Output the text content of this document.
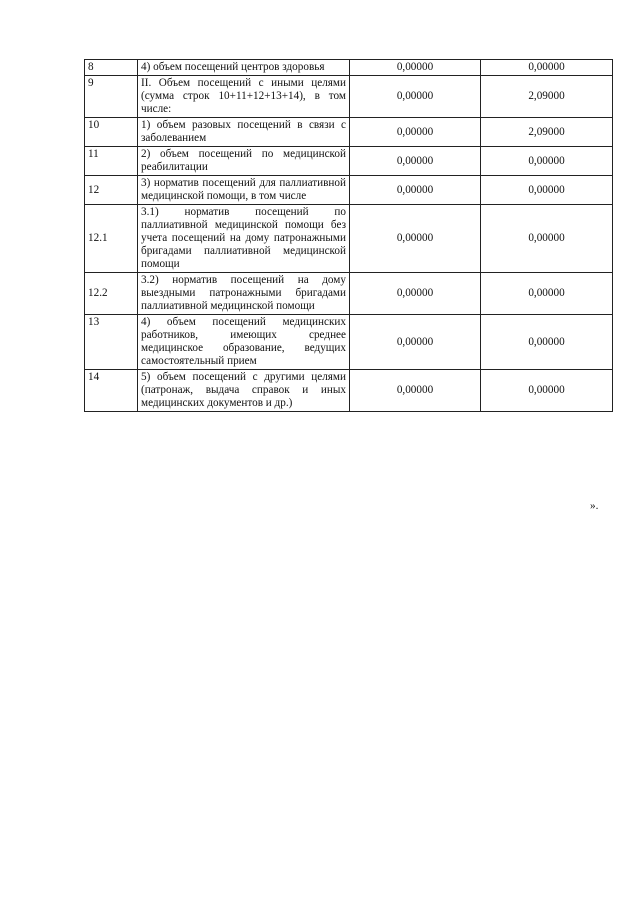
8	4) объем посещений центров здоровья	0,00000	0,00000
9	II. Объем посещений с иными целями (сумма строк 10+11+12+13+14), в том числе:	0,00000	2,09000
10	1) объем разовых посещений в связи с заболеванием	0,00000	2,09000
11	2) объем посещений по медицинской реабилитации	0,00000	0,00000
12	3) норматив посещений для паллиативной медицинской помощи, в том числе	0,00000	0,00000
12.1	3.1) норматив посещений по паллиативной медицинской помощи без учета посещений на дому патронажными бригадами паллиативной медицинской помощи	0,00000	0,00000
12.2	3.2) норматив посещений на дому выездными патронажными бригадами паллиативной медицинской помощи	0,00000	0,00000
13	4) объем посещений медицинских работников, имеющих среднее медицинское образование, ведущих самостоятельный прием	0,00000	0,00000
14	5) объем посещений с другими целями (патронаж, выдача справок и иных медицинских документов и др.)	0,00000	0,00000
».
